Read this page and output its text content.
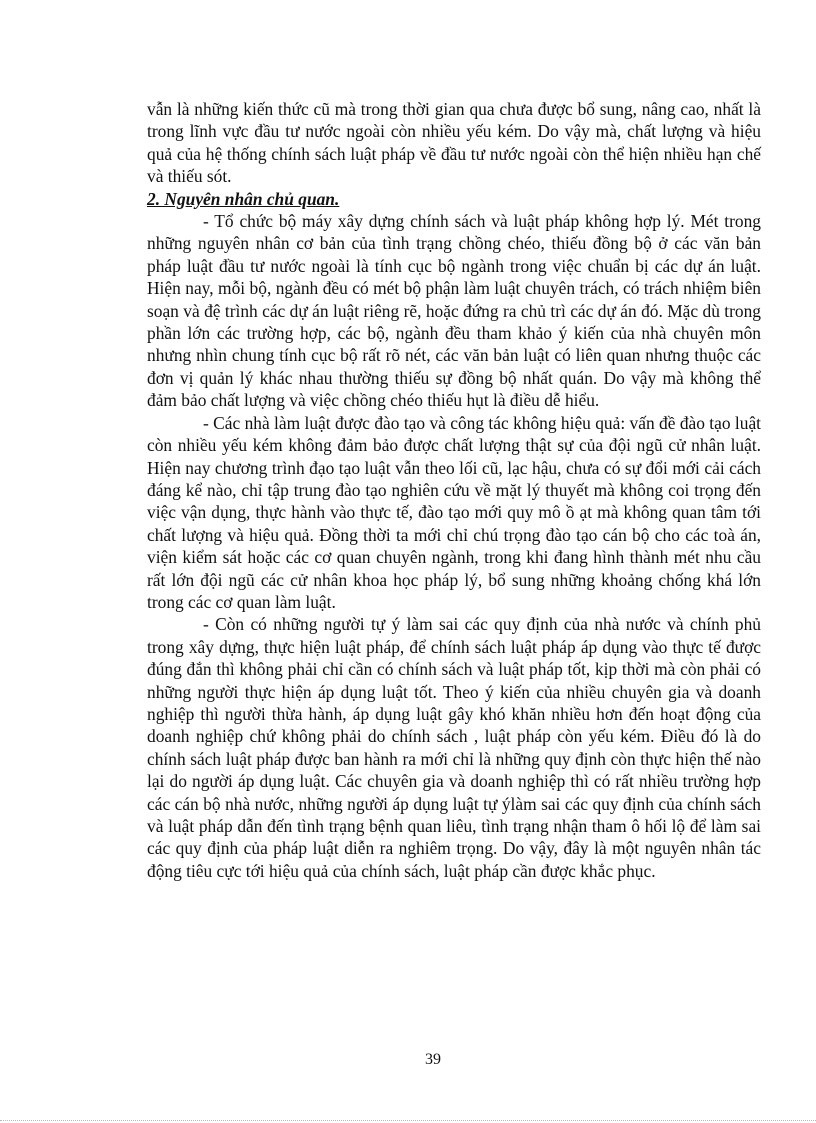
vẫn là những kiến thức cũ mà trong thời gian qua chưa được bổ sung, nâng cao, nhất là trong lĩnh vực đầu tư nước ngoài còn nhiều yếu kém. Do vậy mà, chất lượng và hiệu quả của hệ thống chính sách luật pháp về đầu tư nước ngoài còn thể hiện nhiều hạn chế và thiếu sót.

2. Nguyên nhân chủ quan.

- Tổ chức bộ máy xây dựng chính sách và luật pháp không hợp lý. Mét trong những nguyên nhân cơ bản của tình trạng chồng chéo, thiếu đồng bộ ở các văn bản pháp luật đầu tư nước ngoài là tính cục bộ ngành trong việc chuẩn bị các dự án luật. Hiện nay, mỗi bộ, ngành đều có mét bộ phận làm luật chuyên trách, có trách nhiệm biên soạn và đệ trình các dự án luật riêng rẽ, hoặc đứng ra chủ trì các dự án đó. Mặc dù trong phần lớn các trường hợp, các bộ, ngành đều tham khảo ý kiến của nhà chuyên môn nhưng nhìn chung tính cục bộ rất rõ nét, các văn bản luật có liên quan nhưng thuộc các đơn vị quản lý khác nhau thường thiếu sự đồng bộ nhất quán. Do vậy mà không thể đảm bảo chất lượng và việc chồng chéo thiếu hụt là điều dễ hiểu.

- Các nhà làm luật được đào tạo và công tác không hiệu quả: vấn đề đào tạo luật còn nhiều yếu kém không đảm bảo được chất lượng thật sự của đội ngũ cử nhân luật. Hiện nay chương trình đạo tạo luật vẫn theo lối cũ, lạc hậu, chưa có sự đổi mới cải cách đáng kể nào, chỉ tập trung đào tạo nghiên cứu về mặt lý thuyết mà không coi trọng đến việc vận dụng, thực hành vào thực tế, đào tạo mới quy mô ồ ạt mà không quan tâm tới chất lượng và hiệu quả. Đồng thời ta mới chỉ chú trọng đào tạo cán bộ cho các toà án, viện kiểm sát hoặc các cơ quan chuyên ngành, trong khi đang hình thành mét nhu cầu rất lớn đội ngũ các cử nhân khoa học pháp lý, bổ sung những khoảng chống khá lớn trong các cơ quan làm luật.

- Còn có những người tự ý làm sai các quy định của nhà nước và chính phủ trong xây dựng, thực hiện luật pháp, để chính sách luật pháp áp dụng vào thực tế được đúng đắn thì không phải chỉ cần có chính sách và luật pháp tốt, kịp thời mà còn phải có những người thực hiện áp dụng luật tốt. Theo ý kiến của nhiều chuyên gia và doanh nghiệp thì người thừa hành, áp dụng luật gây khó khăn nhiều hơn đến hoạt động của doanh nghiệp chứ không phải do chính sách , luật pháp còn yếu kém. Điều đó là do chính sách luật pháp được ban hành ra mới chỉ là những quy định còn thực hiện thế nào lại do người áp dụng luật. Các chuyên gia và doanh nghiệp thì có rất nhiều trường hợp các cán bộ nhà nước, những người áp dụng luật tự ýlàm sai các quy định của chính sách và luật pháp dẫn đến tình trạng bệnh quan liêu, tình trạng nhận tham ô hối lộ để làm sai các quy định của pháp luật diễn ra nghiêm trọng. Do vậy, đây là một nguyên nhân tác động tiêu cực tới hiệu quả của chính sách, luật pháp cần được khắc phục.

39
